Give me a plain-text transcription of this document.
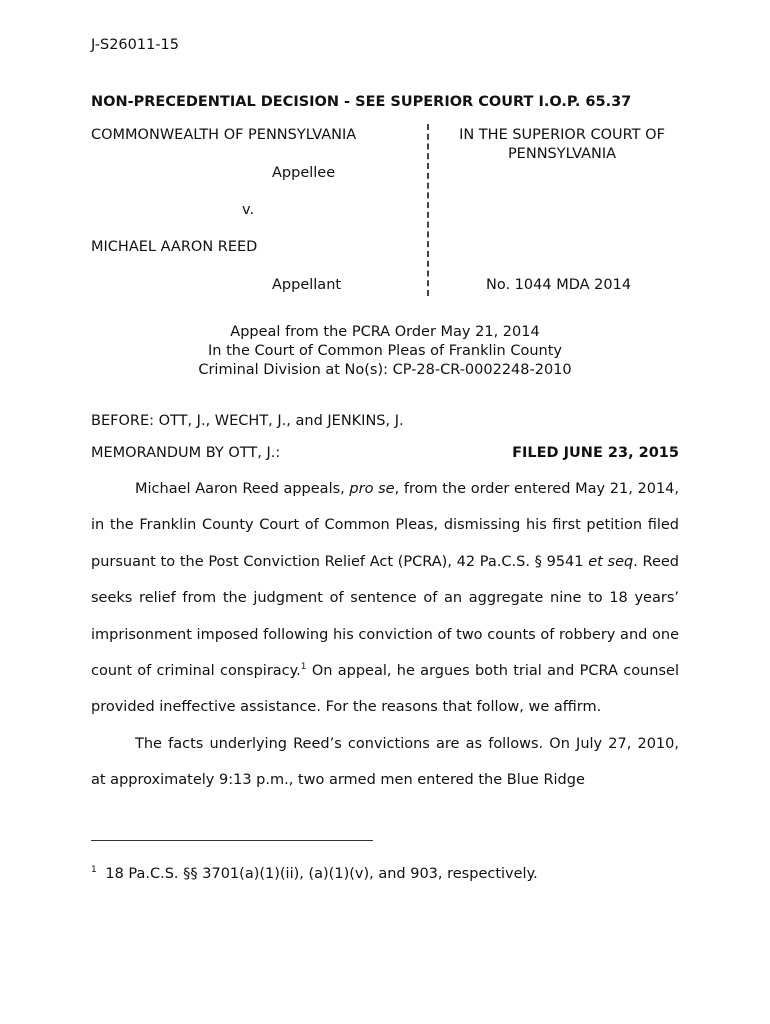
J-S26011-15
NON-PRECEDENTIAL DECISION - SEE SUPERIOR COURT I.O.P. 65.37
COMMONWEALTH OF PENNSYLVANIA
Appellee
v.
MICHAEL AARON REED
Appellant
IN THE SUPERIOR COURT OF
PENNSYLVANIA
No. 1044 MDA 2014
Appeal from the PCRA Order May 21, 2014
In the Court of Common Pleas of Franklin County
Criminal Division at No(s): CP-28-CR-0002248-2010
BEFORE: OTT, J., WECHT, J., and JENKINS, J.
MEMORANDUM BY OTT, J.:	FILED JUNE 23, 2015

Michael Aaron Reed appeals, pro se, from the order entered May 21, 2014, in the Franklin County Court of Common Pleas, dismissing his first petition filed pursuant to the Post Conviction Relief Act (PCRA), 42 Pa.C.S. § 9541 et seq. Reed seeks relief from the judgment of sentence of an aggregate nine to 18 years’ imprisonment imposed following his conviction of two counts of robbery and one count of criminal conspiracy.$^1$ On appeal, he argues both trial and PCRA counsel provided ineffective assistance. For the reasons that follow, we affirm.

The facts underlying Reed’s convictions are as follows. On July 27, 2010, at approximately 9:13 p.m., two armed men entered the Blue Ridge

$^1$ 18 Pa.C.S. §§ 3701(a)(1)(ii), (a)(1)(v), and 903, respectively.
